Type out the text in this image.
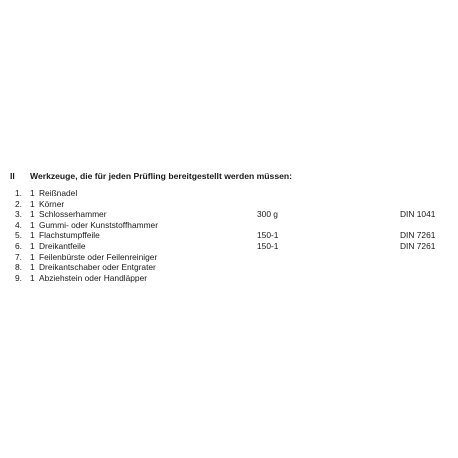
II Werkzeuge, die für jeden Prüfling bereitgestellt werden müssen:
1. 1 Reißnadel
2. 1 Körner
3. 1 Schlosserhammer	300 g	DIN 1041
4. 1 Gummi- oder Kunststoffhammer
5. 1 Flachstumpffeile	150-1	DIN 7261
6. 1 Dreikantfeile	150-1	DIN 7261
7. 1 Feilenbürste oder Feilenreiniger
8. 1 Dreikantschaber oder Entgrater
9. 1 Abziehstein oder Handläpper
